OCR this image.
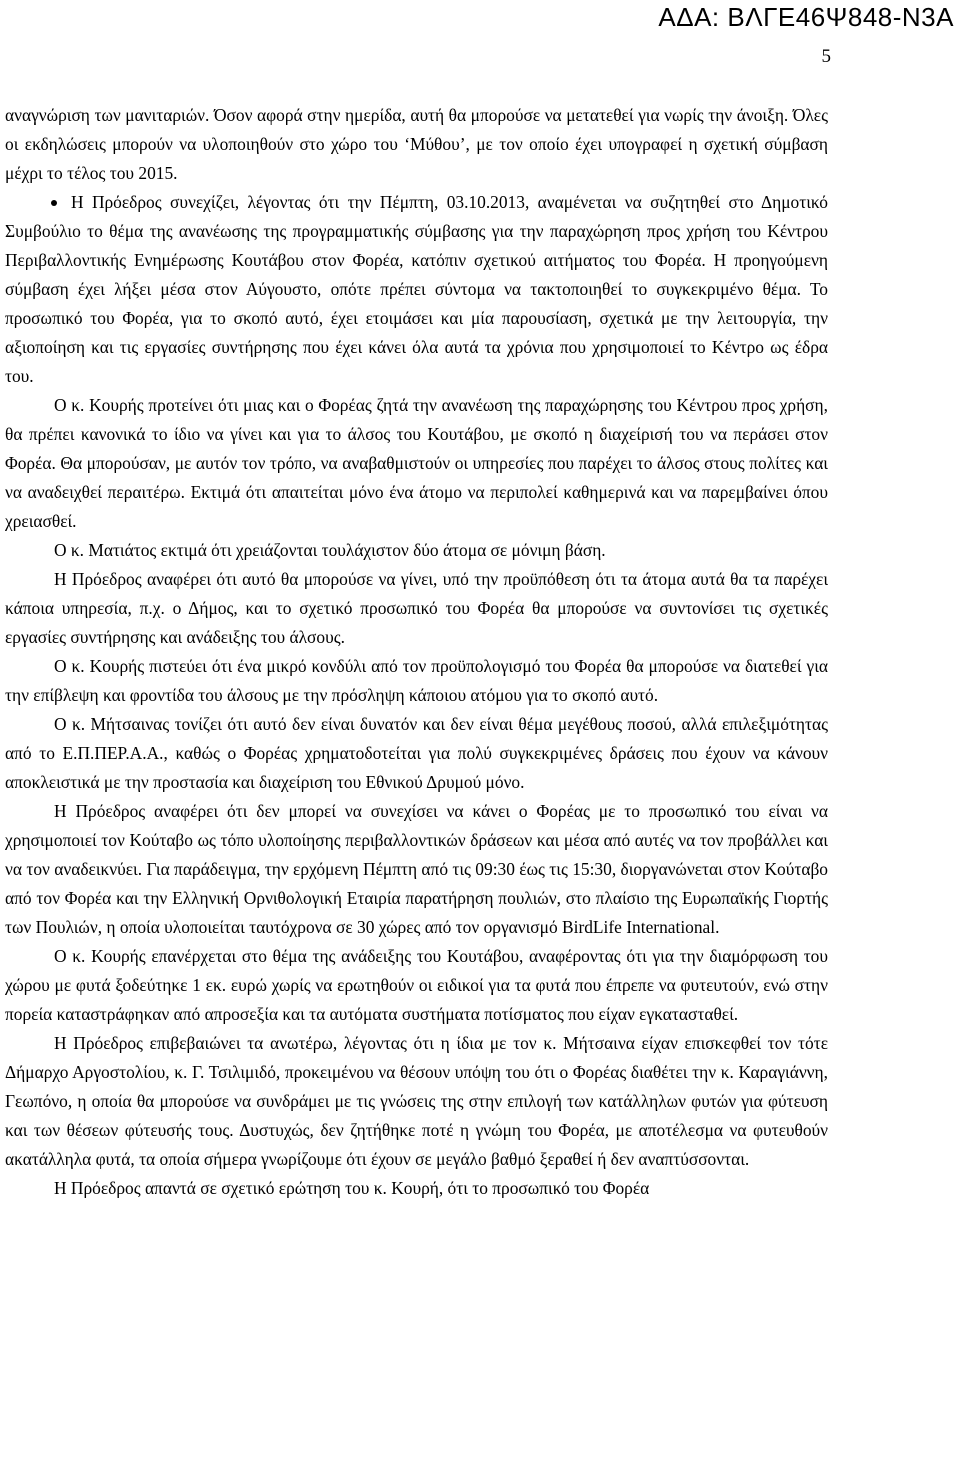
ΑΔΑ: ΒΛΓΕ46Ψ848-Ν3Α
5

αναγνώριση των μανιταριών. Όσον αφορά στην ημερίδα, αυτή θα μπορούσε να μετατεθεί για νωρίς την άνοιξη. Όλες οι εκδηλώσεις μπορούν να υλοποιηθούν στο χώρο του ‘Μύθου’, με τον οποίο έχει υπογραφεί η σχετική σύμβαση μέχρι το τέλος του 2015.

Η Πρόεδρος συνεχίζει, λέγοντας ότι την Πέμπτη, 03.10.2013, αναμένεται να συζητηθεί στο Δημοτικό Συμβούλιο το θέμα της ανανέωσης της προγραμματικής σύμβασης για την παραχώρηση προς χρήση του Κέντρου Περιβαλλοντικής Ενημέρωσης Κουτάβου στον Φορέα, κατόπιν σχετικού αιτήματος του Φορέα. Η προηγούμενη σύμβαση έχει λήξει μέσα στον Αύγουστο, οπότε πρέπει σύντομα να τακτοποιηθεί το συγκεκριμένο θέμα. Το προσωπικό του Φορέα, για το σκοπό αυτό, έχει ετοιμάσει και μία παρουσίαση, σχετικά με την λειτουργία, την αξιοποίηση και τις εργασίες συντήρησης που έχει κάνει όλα αυτά τα χρόνια που χρησιμοποιεί το Κέντρο ως έδρα του.

Ο κ. Κουρής προτείνει ότι μιας και ο Φορέας ζητά την ανανέωση της παραχώρησης του Κέντρου προς χρήση, θα πρέπει κανονικά το ίδιο να γίνει και για το άλσος του Κουτάβου, με σκοπό η διαχείρισή του να περάσει στον Φορέα. Θα μπορούσαν, με αυτόν τον τρόπο, να αναβαθμιστούν οι υπηρεσίες που παρέχει το άλσος στους πολίτες και να αναδειχθεί περαιτέρω. Εκτιμά ότι απαιτείται μόνο ένα άτομο να περιπολεί καθημερινά και να παρεμβαίνει όπου χρειασθεί.

Ο κ. Ματιάτος εκτιμά ότι χρειάζονται τουλάχιστον δύο άτομα σε μόνιμη βάση.

Η Πρόεδρος αναφέρει ότι αυτό θα μπορούσε να γίνει, υπό την προϋπόθεση ότι τα άτομα αυτά θα τα παρέχει κάποια υπηρεσία, π.χ. ο Δήμος, και το σχετικό προσωπικό του Φορέα θα μπορούσε να συντονίσει τις σχετικές εργασίες συντήρησης και ανάδειξης του άλσους.

Ο κ. Κουρής πιστεύει ότι ένα μικρό κονδύλι από τον προϋπολογισμό του Φορέα θα μπορούσε να διατεθεί για την επίβλεψη και φροντίδα του άλσους με την πρόσληψη κάποιου ατόμου για το σκοπό αυτό.

Ο κ. Μήτσαινας τονίζει ότι αυτό δεν είναι δυνατόν και δεν είναι θέμα μεγέθους ποσού, αλλά επιλεξιμότητας από το Ε.Π.ΠΕΡ.Α.Α., καθώς ο Φορέας χρηματοδοτείται για πολύ συγκεκριμένες δράσεις που έχουν να κάνουν αποκλειστικά με την προστασία και διαχείριση του Εθνικού Δρυμού μόνο.

Η Πρόεδρος αναφέρει ότι δεν μπορεί να συνεχίσει να κάνει ο Φορέας με το προσωπικό του είναι να χρησιμοποιεί τον Κούταβο ως τόπο υλοποίησης περιβαλλοντικών δράσεων και μέσα από αυτές να τον προβάλλει και να τον αναδεικνύει. Για παράδειγμα, την ερχόμενη Πέμπτη από τις 09:30 έως τις 15:30, διοργανώνεται στον Κούταβο από τον Φορέα και την Ελληνική Ορνιθολογική Εταιρία παρατήρηση πουλιών, στο πλαίσιο της Ευρωπαϊκής Γιορτής των Πουλιών, η οποία υλοποιείται ταυτόχρονα σε 30 χώρες από τον οργανισμό BirdLife International.

Ο κ. Κουρής επανέρχεται στο θέμα της ανάδειξης του Κουτάβου, αναφέροντας ότι για την διαμόρφωση του χώρου με φυτά ξοδεύτηκε 1 εκ. ευρώ χωρίς να ερωτηθούν οι ειδικοί για τα φυτά που έπρεπε να φυτευτούν, ενώ στην πορεία καταστράφηκαν από απροσεξία και τα αυτόματα συστήματα ποτίσματος που είχαν εγκατασταθεί.

Η Πρόεδρος επιβεβαιώνει τα ανωτέρω, λέγοντας ότι η ίδια με τον κ. Μήτσαινα είχαν επισκεφθεί τον τότε Δήμαρχο Αργοστολίου, κ. Γ. Τσιλιμιδό, προκειμένου να θέσουν υπόψη του ότι ο Φορέας διαθέτει την κ. Καραγιάννη, Γεωπόνο, η οποία θα μπορούσε να συνδράμει με τις γνώσεις της στην επιλογή των κατάλληλων φυτών για φύτευση και των θέσεων φύτευσής τους. Δυστυχώς, δεν ζητήθηκε ποτέ η γνώμη του Φορέα, με αποτέλεσμα να φυτευθούν ακατάλληλα φυτά, τα οποία σήμερα γνωρίζουμε ότι έχουν σε μεγάλο βαθμό ξεραθεί ή δεν αναπτύσσονται.

Η Πρόεδρος απαντά σε σχετικό ερώτηση του κ. Κουρή, ότι το προσωπικό του Φορέα
